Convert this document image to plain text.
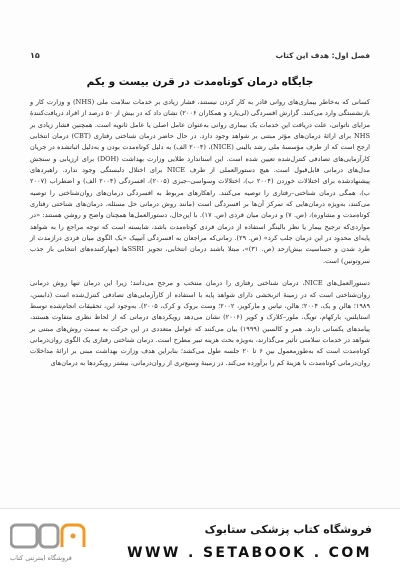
فصل اول: هدف این کتاب
۱۵
جایگاه درمان کوتاه‌مدت در قرن بیست و یکم

کسانی که به‌خاطر بیماری‌های روانی قادر به کار کردن نیستند، فشار زیادی بر خدمات سلامت ملی (NHS) و وزارت کار و بازنشستگی وارد می‌کنند. گزارش افسردگی (لی‌یارد و همکاران ۲۰۰۶) نشان داد که در بیش از ۵۰ درصد از افراد دریافت‌کنندهٔ مزایای ناتوانی، علت دریافت این خدمات یک بیماری روانی به‌عنوان عامل اصلی یا عامل ثانویه است. همچنین فشار زیادی بر NHS برای ارائهٔ درمان‌های مؤثر مبتنی بر شواهد وجود دارد. در حال حاضر درمان شناختی رفتاری (CBT) درمان انتخابی ارجح است که از طرف مؤسسهٔ ملی رشد بالینی (NICE)، (۲۰۰۴ الف) به دلیل کوتاه‌مدت بودن و به‌دلیل اثباتشده در جریان کارآزمایی‌های تصادفی کنترل‌شده تعیین شده است. این استاندارد طلایی وزارت بهداشت (DOH) برای ارزیابی و سنجش مدل‌های درمانی قابل‌قبول است. هیچ دستورالعملی از طرف NICE برای اختلال دلبستگی وجود ندارد. راهبردهای پیشنهادشده برای اختلالات خوردن (۲۰۰۴ ب)، اختلالات وسواسی–جبری (۲۰۰۵)، افسردگی (۲۰۰۴ الف) و اضطراب (۲۰۰۷ ب)، همگی درمان شناختی–رفتاری را توصیه می‌کنند. راهکارهای مربوط به افسردگی درمان‌های روان‌شناختی را توصیه می‌کنند، به‌ویژه درمان‌هایی که تمرکز آن‌ها بر افسردگی است (مانند روش درمانی حل مسئله، درمان‌های شناختی رفتاری کوتاه‌مدت و مشاوره)، (ص. ۷) و درمان میان فردی (ص. ۱۷). با این‌حال، دستورالعمل‌ها همچنان واضح و روشن هستند: «در مواردی‌که ترجیح بیمار یا نظر بالینگر استفاده از درمان فردی کوتاه‌مدت باشد، شایسته است که توجه مراجع را به شواهد پایه‌ای محدود در این درمان جلب کرد» (ص. ۲۹). زمانی‌که مراجعان به افسردگی آتیپیک «یک الگوی میان فردی درازمدت از طرد شدن و حساسیت بیش‌ازحد (ص. ۳۱)»، مبتلا باشند درمان انتخابی، تجویز SSRIها (مهارکننده‌های انتخابی باز جذب سروتونین) است.

دستورالعمل‌های NICE، درمان شناختی رفتاری را درمان منتخب و مرجح می‌دانند؛ زیرا این درمان تنها روش درمانی روان‌شناختی است که در زمینهٔ اثربخشی دارای شواهد پایه با استفاده از کارآزمایی‌های تصادفی کنترل‌شده است (دابسن، ۱۹۸۹؛ هالن و بک، ۲۰۰۴؛ هالن، تیاس و مارکویز، ۲۰۰۲؛ وست بروک و کرک، ۲۰۰۵). به‌وجود این، تحقیقات انجام‌شده توسط استایلس، بارکهام، تویگ، ملور–کلارک و کوپر (۲۰۰۶) نشان می‌دهد رویکردهای درمانی که از لحاظ نظری متفاوت هستند، پیامدهای یکسانی دارند. همر و کالسین (۱۹۹۹) بیان می‌کنند که عوامل متعددی در این حرکت به سمت روش‌های مبتنی بر شواهد در خدمات سلامتی تأثیر می‌گذارند، به‌ویژه بحث هزینه تبیر مطرح است. درمان شناختی رفتاری یک الگوی روان‌درمانی کوتاه‌مدت است که به‌طورمعمول بین ۶ تا ۲۰ جلسه طول می‌کشد؛ بنابراین هدف وزارت بهداشت مبنی بر ارائهٔ مداخلات روان‌درمانی کوتاه‌مدت با هزینهٔ کم را برآورده می‌کند. در زمینهٔ وسیع‌تری از روان‌درمانی، بیشتر رویکردها به درمان‌های

فروشگاه اینترنتی کتاب
فروشگاه کتاب پزشکی ستابوک
WWW . SETABOOK . COM
